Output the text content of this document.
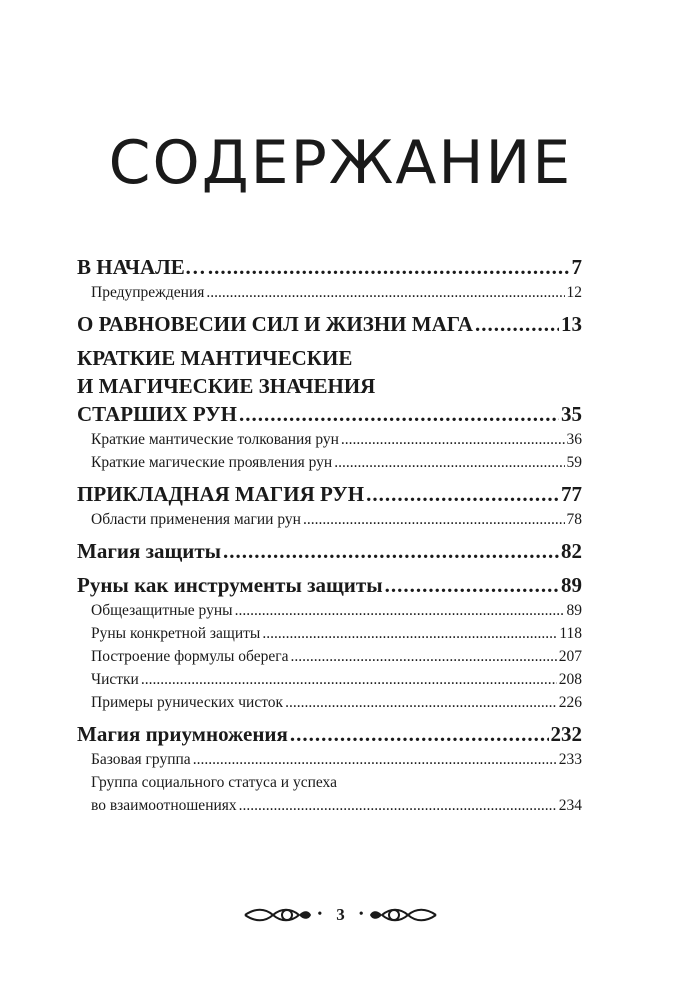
СОДЕРЖАНИЕ
В НАЧАЛЕ… .....	7
Предупреждения .....	12
О РАВНОВЕСИИ СИЛ И ЖИЗНИ МАГА .....	13
КРАТКИЕ МАНТИЧЕСКИЕ
И МАГИЧЕСКИЕ ЗНАЧЕНИЯ
СТАРШИХ РУН .....	35
Краткие мантические толкования рун .....	36
Краткие магические проявления рун .....	59
ПРИКЛАДНАЯ МАГИЯ РУН .....	77
Области применения магии рун .....	78
Магия защиты .....	82
Руны как инструменты защиты .....	89
Общезащитные руны .....	89
Руны конкретной защиты .....	118
Построение формулы оберега .....	207
Чистки .....	208
Примеры рунических чисток .....	226
Магия приумножения .....	232
Базовая группа .....	233
Группа социального статуса и успеха
во взаимоотношениях .....	234
• 3 •
